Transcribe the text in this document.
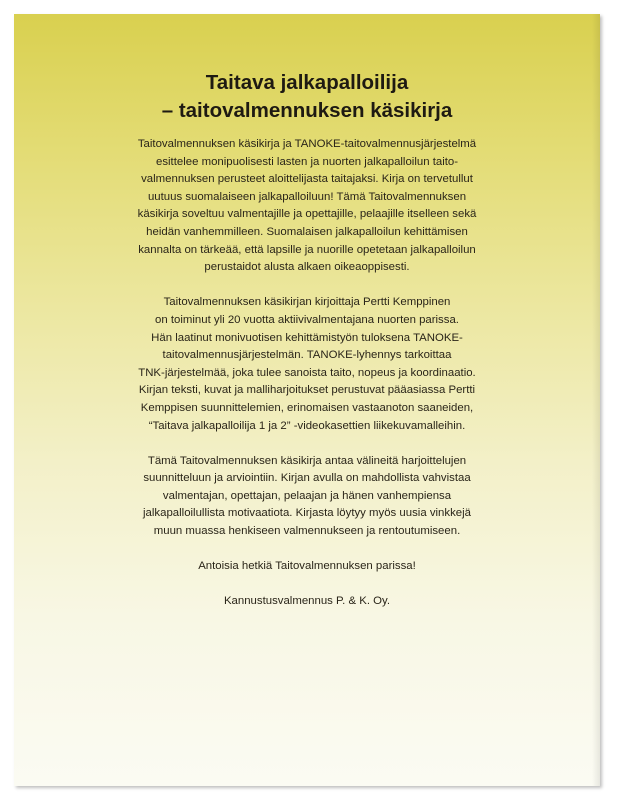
Taitava jalkapalloilija
– taitovalmennuksen käsikirja

Taitovalmennuksen käsikirja ja TANOKE-taitovalmennusjärjestelmä
esittelee monipuolisesti lasten ja nuorten jalkapalloilun taito-
valmennuksen perusteet aloittelijasta taitajaksi. Kirja on tervetullut
uutuus suomalaiseen jalkapalloiluun! Tämä Taitovalmennuksen
käsikirja soveltuu valmentajille ja opettajille, pelaajille itselleen sekä
heidän vanhemmilleen. Suomalaisen jalkapalloilun kehittämisen
kannalta on tärkeää, että lapsille ja nuorille opetetaan jalkapalloilun
perustaidot alusta alkaen oikeaoppisesti.

Taitovalmennuksen käsikirjan kirjoittaja Pertti Kemppinen
on toiminut yli 20 vuotta aktiivivalmentajana nuorten parissa.
Hän laatinut monivuotisen kehittämistyön tuloksena TANOKE-
taitovalmennusjärjestelmän. TANOKE-lyhennys tarkoittaa
TNK-järjestelmää, joka tulee sanoista taito, nopeus ja koordinaatio.
Kirjan teksti, kuvat ja malliharjoitukset perustuvat pääasiassa Pertti
Kemppisen suunnittelemien, erinomaisen vastaanoton saaneiden,
“Taitava jalkapalloilija 1 ja 2” -videokasettien liikekuvamalleihin.

Tämä Taitovalmennuksen käsikirja antaa välineitä harjoittelujen
suunnitteluun ja arviointiin. Kirjan avulla on mahdollista vahvistaa
valmentajan, opettajan, pelaajan ja hänen vanhempiensa
jalkapalloilullista motivaatiota. Kirjasta löytyy myös uusia vinkkejä
muun muassa henkiseen valmennukseen ja rentoutumiseen.

Antoisia hetkiä Taitovalmennuksen parissa!

Kannustusvalmennus P. & K. Oy.
